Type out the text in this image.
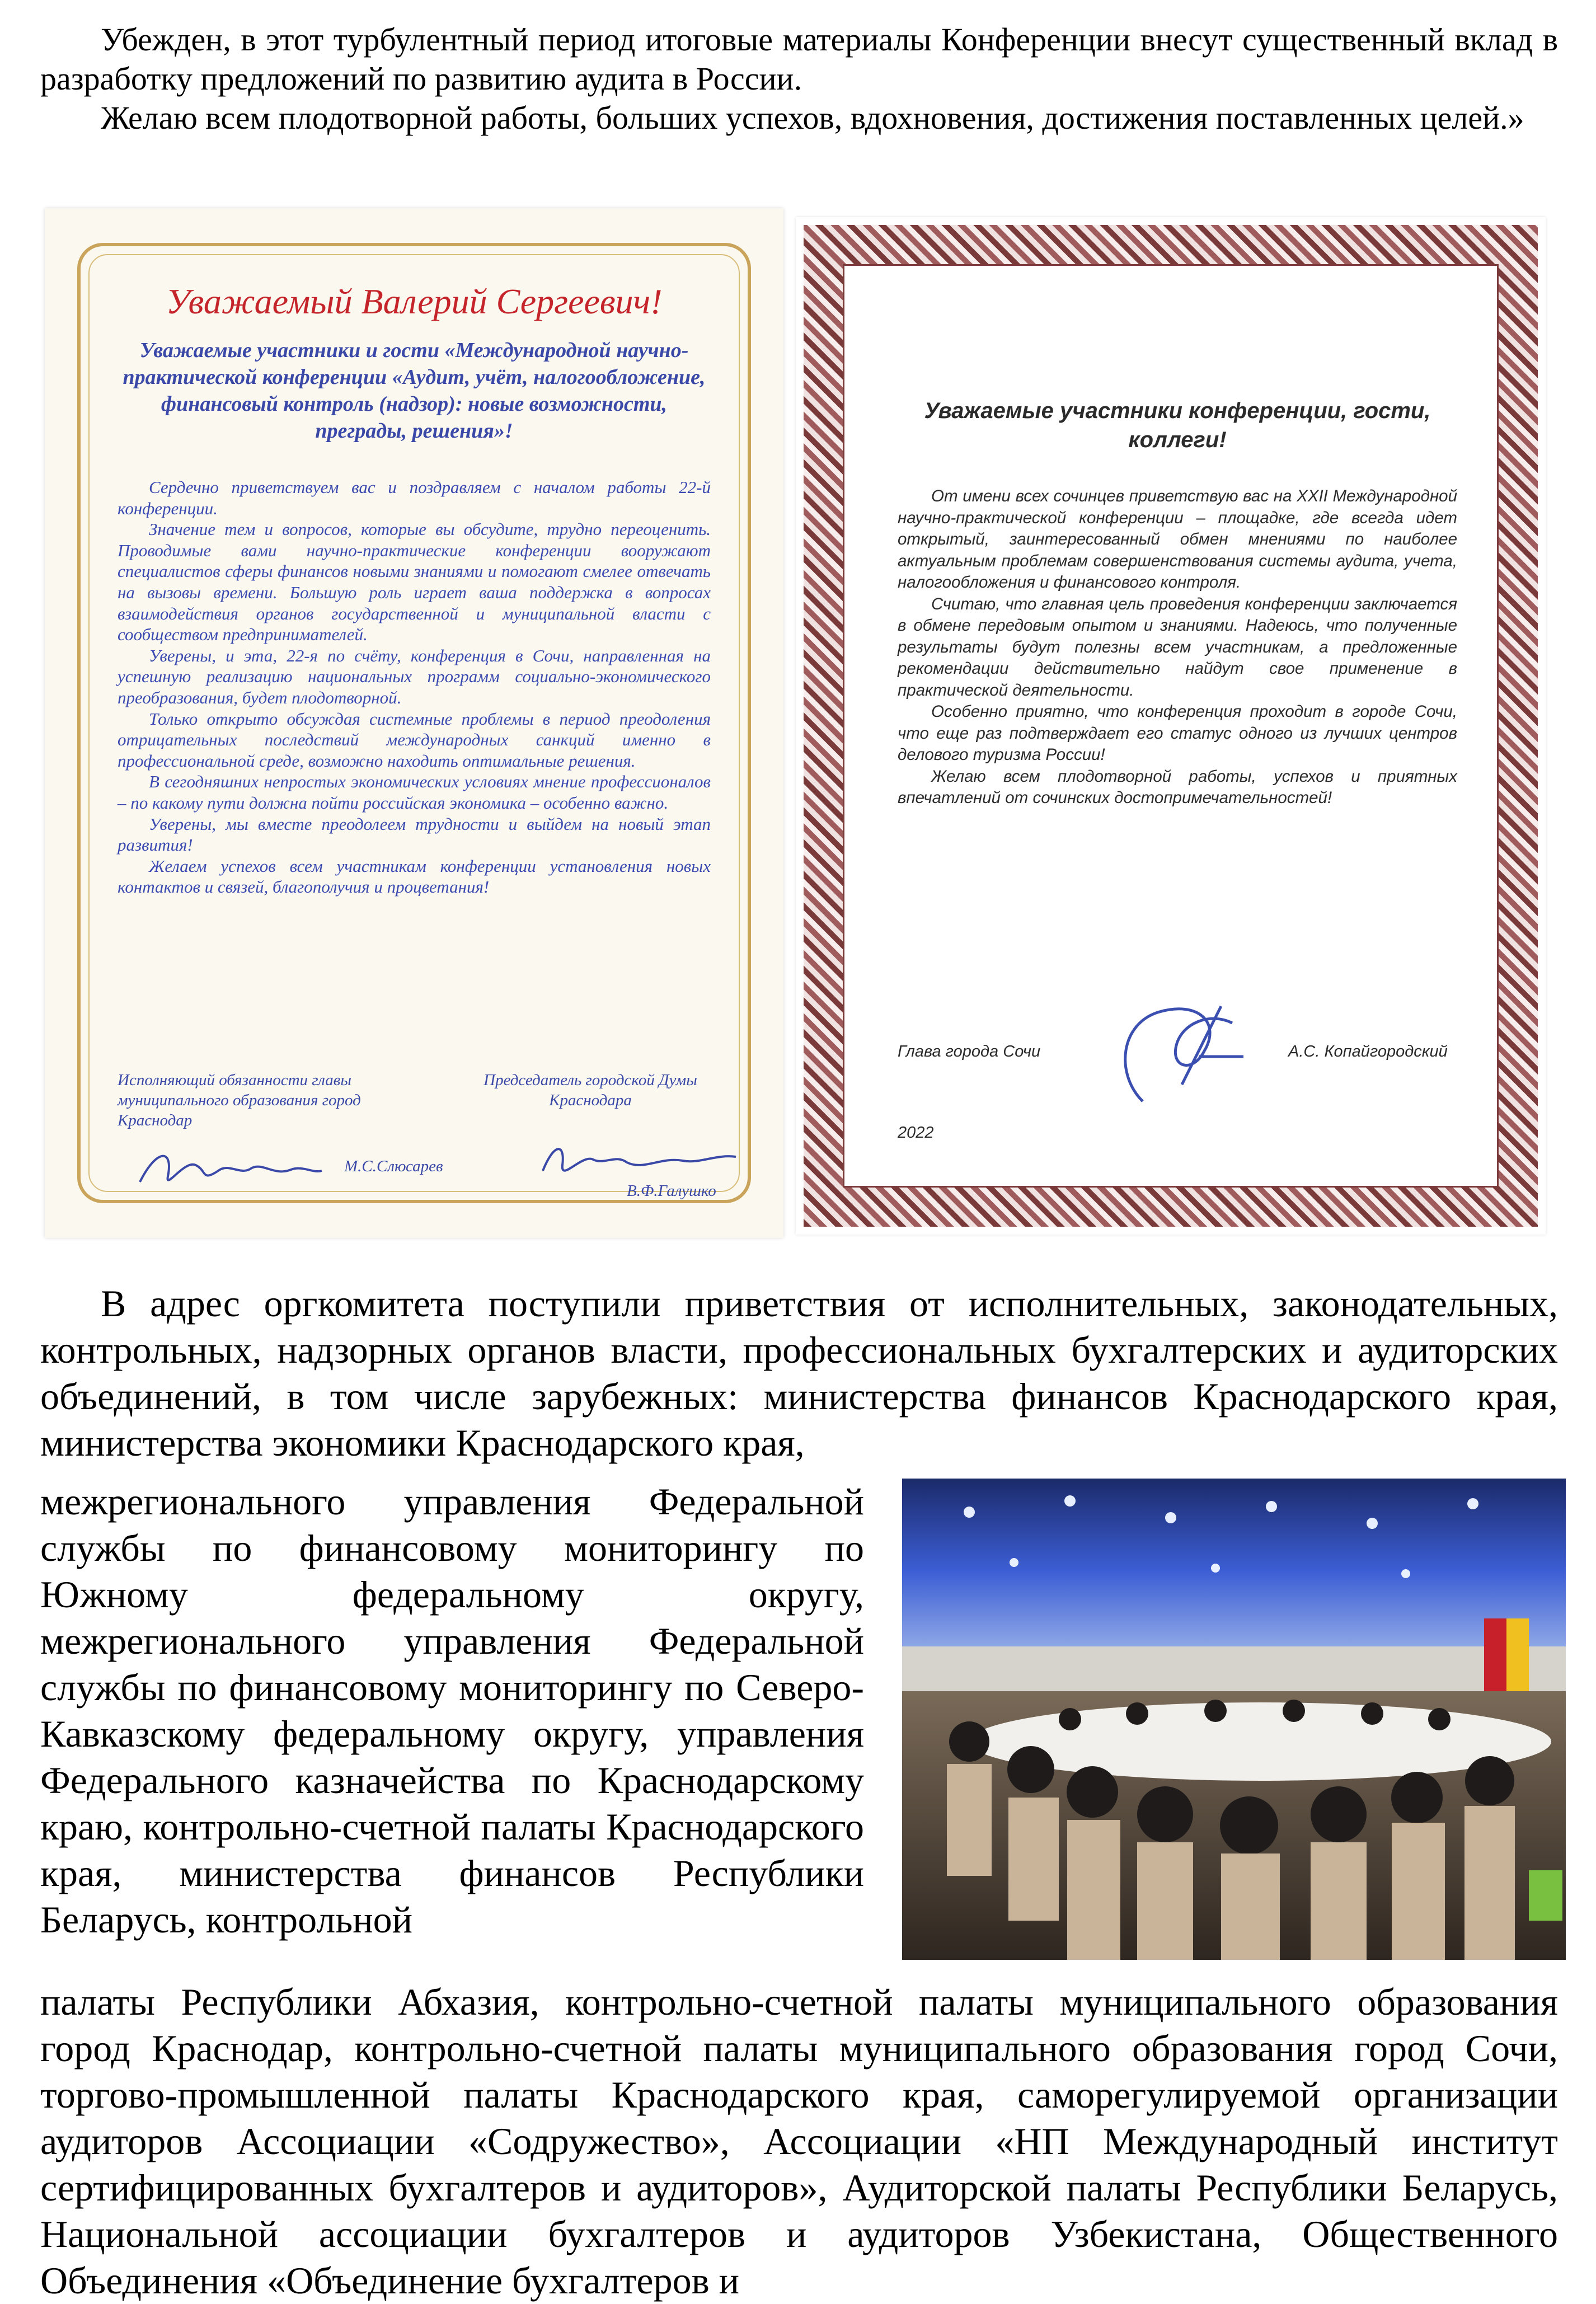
Убежден, в этот турбулентный период итоговые материалы Конференции внесут существенный вклад в разработку предложений по развитию аудита в России.

Желаю всем плодотворной работы, больших успехов, вдохновения, достижения поставленных целей.»

Уважаемый Валерий Сергеевич!
Уважаемые участники и гости «Международной научно-практической конференции «Аудит, учёт, налогообложение, финансовый контроль (надзор): новые возможности, преграды, решения»!

Сердечно приветствуем вас и поздравляем с началом работы 22-й конференции.

Значение тем и вопросов, которые вы обсудите, трудно переоценить. Проводимые вами научно-практические конференции вооружают специалистов сферы финансов новыми знаниями и помогают смелее отвечать на вызовы времени. Большую роль играет ваша поддержка в вопросах взаимодействия органов государственной и муниципальной власти с сообществом предпринимателей.

Уверены, и эта, 22-я по счёту, конференция в Сочи, направленная на успешную реализацию национальных программ социально-экономического преобразования, будет плодотворной.

Только открыто обсуждая системные проблемы в период преодоления отрицательных последствий международных санкций именно в профессиональной среде, возможно находить оптимальные решения.

В сегодняшних непростых экономических условиях мнение профессионалов – по какому пути должна пойти российская экономика – особенно важно.

Уверены, мы вместе преодолеем трудности и выйдем на новый этап развития!

Желаем успехов всем участникам конференции установления новых контактов и связей, благополучия и процветания!

Исполняющий обязанности главы муниципального образования город Краснодар
Председатель городской Думы Краснодара
М.С.Слюсарев
В.Ф.Галушко
Уважаемые участники конференции, гости, коллеги!

От имени всех сочинцев приветствую вас на XXII Международной научно-практической конференции – площадке, где всегда идет открытый, заинтересованный обмен мнениями по наиболее актуальным проблемам совершенствования системы аудита, учета, налогообложения и финансового контроля.

Считаю, что главная цель проведения конференции заключается в обмене передовым опытом и знаниями. Надеюсь, что полученные результаты будут полезны всем участникам, а предложенные рекомендации действительно найдут свое применение в практической деятельности.

Особенно приятно, что конференция проходит в городе Сочи, что еще раз подтверждает его статус одного из лучших центров делового туризма России!

Желаю всем плодотворной работы, успехов и приятных впечатлений от сочинских достопримечательностей!

Глава города Сочи	А.С. Копайгородский
2022

В адрес оргкомитета поступили приветствия от исполнительных, законодательных, контрольных, надзорных органов власти, профессиональных бухгалтерских и аудиторских объединений, в том числе зарубежных: министерства финансов Краснодарского края, министерства экономики Краснодарского края,

межрегионального управления Федеральной службы по финансовому мониторингу по Южному федеральному округу, межрегионального управления Федеральной службы по финансовому мониторингу по Северо-Кавказскому федеральному округу, управления Федерального казначейства по Краснодарскому краю, контрольно-счетной палаты Краснодарского края, министерства финансов Республики Беларусь, контрольной

палаты Республики Абхазия, контрольно-счетной палаты муниципального образования город Краснодар, контрольно-счетной палаты муниципального образования город Сочи, торгово-промышленной палаты Краснодарского края, саморегулируемой организации аудиторов Ассоциации «Содружество», Ассоциации «НП Международный институт сертифицированных бухгалтеров и аудиторов», Аудиторской палаты Республики Беларусь, Национальной ассоциации бухгалтеров и аудиторов Узбекистана, Общественного Объединения «Объединение бухгалтеров и
